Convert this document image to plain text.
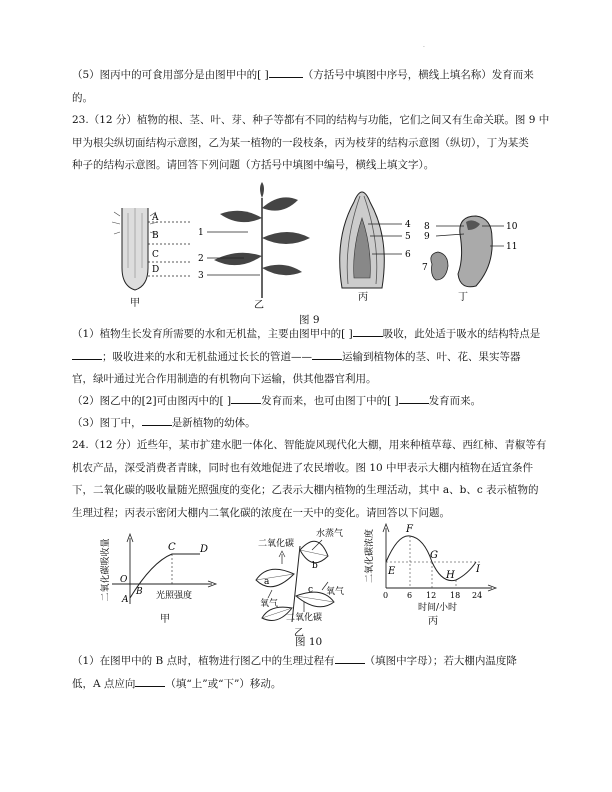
·

（5）图丙中的可食用部分是由图甲中的[ ]	（方括号中填图中序号，横线上填名称）发育而来
的。

23.（12 分）植物的根、茎、叶、芽、种子等都有不同的结构与功能，它们之间又有生命关联。图 9 中
甲为根尖纵切面结构示意图，乙为某一植物的一段枝条，丙为枝芽的结构示意图（纵切），丁为某类
种子的结构示意图。请回答下列问题（方括号中填图中编号，横线上填文字）。

A
B
C
D
甲
1
2
3
乙
4
5
6
丙
8
9
10
11
7
丁
图 9

（1）植物生长发育所需要的水和无机盐，主要由图甲中的[ ]	吸收，此处适于吸水的结构特点是
；吸收进来的水和无机盐通过长长的管道——	运输到植物体的茎、叶、花、果实等器
官，绿叶通过光合作用制造的有机物向下运输，供其他器官利用。

（2）图乙中的[2]可由图丙中的[ ]	发育而来，也可由图丁中的[ ]	发育而来。

（3）图丁中，	是新植物的幼体。

24.（12 分）近些年，某市扩建水肥一体化、智能旋风现代化大棚，用来种植草莓、西红柿、青椒等有
机农产品，深受消费者青睐，同时也有效地促进了农民增收。图 10 中甲表示大棚内植物在适宜条件
下，二氧化碳的吸收量随光照强度的变化；乙表示大棚内植物的生理活动，其中 a、b、c 表示植物的
生理过程；丙表示密闭大棚内二氧化碳的浓度在一天中的变化。请回答以下问题。

C D
A
B
O
光照强度
二氧化碳吸收量
甲
二氧化碳
水蒸气
b
a
氧气
c 氧气
二氧化碳
乙
F
E
G
H
I
0 6 12 18 24
时间/小时
二氧化碳浓度
丙
图 10

（1）在图甲中的 B 点时，植物进行图乙中的生理过程有	（填图中字母）；若大棚内温度降
低，A 点应向	（填“上”或“下”）移动。
